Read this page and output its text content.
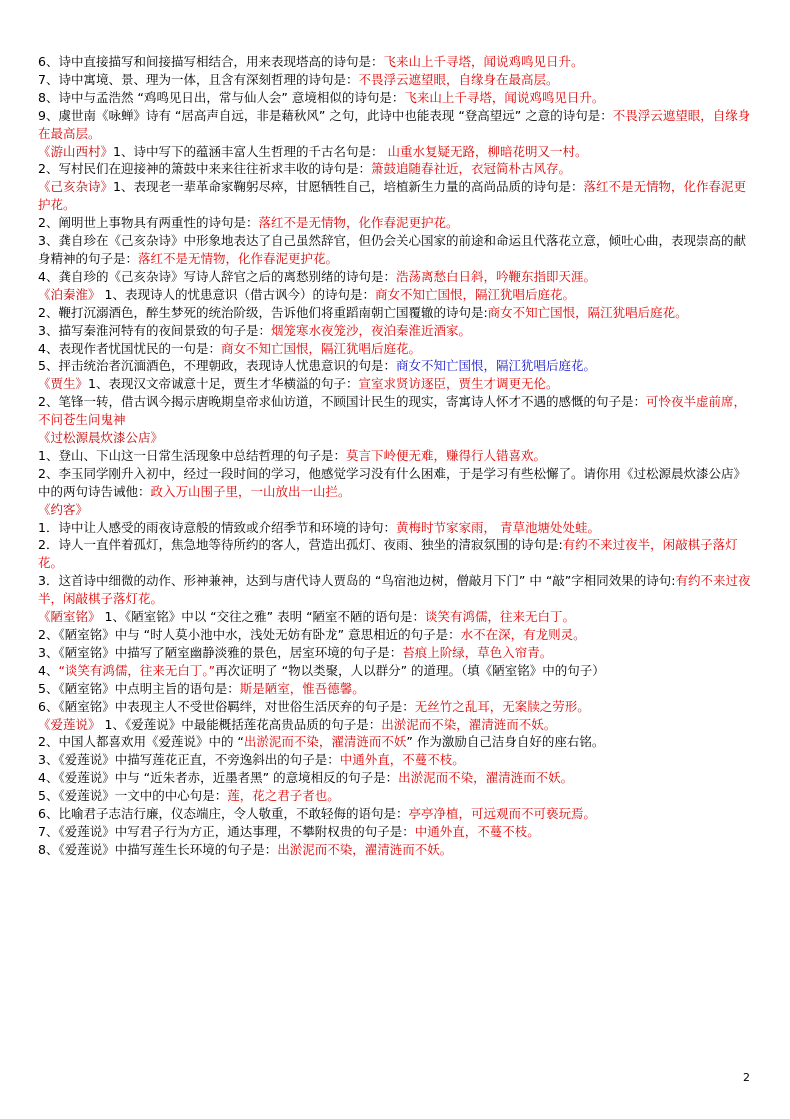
6、诗中直接描写和间接描写相结合，用来表现塔高的诗句是：飞来山上千寻塔，闻说鸡鸣见日升。
7、诗中寓境、景、理为一体，且含有深刻哲理的诗句是：不畏浮云遮望眼，自缘身在最高层。
8、诗中与孟浩然 “鸡鸣见日出，常与仙人会” 意境相似的诗句是：飞来山上千寻塔，闻说鸡鸣见日升。
9、虞世南《咏蝉》诗有 “居高声自远，非是藉秋风” 之句，此诗中也能表现 “登高望远” 之意的诗句是：不畏浮云遮望眼，自缘身在最高层。
《游山西村》1、诗中写下的蕴涵丰富人生哲理的千古名句是： 山重水复疑无路，柳暗花明又一村。
2、写村民们在迎接神的箫鼓中来来往往祈求丰收的诗句是：箫鼓追随春社近，衣冠简朴古风存。
《己亥杂诗》1、表现老一辈革命家鞠躬尽瘁，甘愿牺牲自己，培植新生力量的高尚品质的诗句是：落红不是无情物，化作春泥更护花。
2、阐明世上事物具有两重性的诗句是：落红不是无情物，化作春泥更护花。
3、龚自珍在《己亥杂诗》中形象地表达了自己虽然辞官，但仍会关心国家的前途和命运且代落花立意，倾吐心曲，表现崇高的献身精神的句子是：落红不是无情物，化作春泥更护花。
4、龚自珍的《己亥杂诗》写诗人辞官之后的离愁别绪的诗句是：浩荡离愁白日斜，吟鞭东指即天涯。
《泊秦淮》 1、表现诗人的忧患意识（借古讽今）的诗句是：商女不知亡国恨，隔江犹唱后庭花。
2、鞭打沉溺酒色，醉生梦死的统治阶级，告诉他们将重蹈南朝亡国覆辙的诗句是:商女不知亡国恨，隔江犹唱后庭花。
3、描写秦淮河特有的夜间景致的句子是：烟笼寒水夜笼沙，夜泊秦淮近酒家。
4、表现作者忧国忧民的一句是：商女不知亡国恨，隔江犹唱后庭花。
5、抨击统治者沉湎酒色，不理朝政，表现诗人忧患意识的句是：商女不知亡国恨，隔江犹唱后庭花。
《贾生》1、表现汉文帝诚意十足，贾生才华横溢的句子：宣室求贤访逐臣，贾生才调更无伦。
2、笔锋一转，借古讽今揭示唐晚期皇帝求仙访道，不顾国计民生的现实，寄寓诗人怀才不遇的感慨的句子是：可怜夜半虚前席，不问苍生问鬼神
《过松源晨炊漆公店》
1、登山、下山这一日常生活现象中总结哲理的句子是：莫言下岭便无难，赚得行人错喜欢。
2、李玉同学刚升入初中，经过一段时间的学习，他感觉学习没有什么困难，于是学习有些松懈了。请你用《过松源晨炊漆公店》中的两句诗告诫他：政入万山围子里，一山放出一山拦。
《约客》
1．诗中让人感受的雨夜诗意般的情致或介绍季节和环境的诗句：黄梅时节家家雨， 青草池塘处处蛙。
2．诗人一直伴着孤灯，焦急地等待所约的客人，营造出孤灯、夜雨、独坐的清寂氛围的诗句是:有约不来过夜半，闲敲棋子落灯花。
3．这首诗中细微的动作、形神兼神，达到与唐代诗人贾岛的 “鸟宿池边树，僧敲月下门” 中 “敲”字相同效果的诗句:有约不来过夜半，闲敲棋子落灯花。
《陋室铭》 1、《陋室铭》中以 “交往之雅” 表明 “陋室不陋的语句是：谈笑有鸿儒，往来无白丁。
2、《陋室铭》中与 “时人莫小池中水，浅处无妨有卧龙” 意思相近的句子是：水不在深，有龙则灵。
3、《陋室铭》中描写了陋室幽静淡雅的景色，居室环境的句子是：苔痕上阶绿，草色入帘青。
4、“谈笑有鸿儒，往来无白丁。”再次证明了 “物以类聚，人以群分” 的道理。（填《陋室铭》中的句子）
5、《陋室铭》中点明主旨的语句是：斯是陋室，惟吾德馨。
6、《陋室铭》中表现主人不受世俗羁绊，对世俗生活厌弃的句子是：无丝竹之乱耳，无案牍之劳形。
《爱莲说》 1、《爱莲说》中最能概括莲花高贵品质的句子是：出淤泥而不染，濯清涟而不妖。
2、中国人都喜欢用《爱莲说》中的 “出淤泥而不染，濯清涟而不妖” 作为激励自己洁身自好的座右铭。
3、《爱莲说》中描写莲花正直，不旁逸斜出的句子是：中通外直，不蔓不枝。
4、《爱莲说》中与 “近朱者赤，近墨者黑” 的意境相反的句子是：出淤泥而不染，濯清涟而不妖。
5、《爱莲说》一文中的中心句是：莲，花之君子者也。
6、比喻君子志洁行廉，仪态端庄，令人敬重，不敢轻侮的语句是：亭亭净植，可远观而不可亵玩焉。
7、《爱莲说》中写君子行为方正，通达事理，不攀附权贵的句子是：中通外直，不蔓不枝。
8、《爱莲说》中描写莲生长环境的句子是：出淤泥而不染，濯清涟而不妖。
2
